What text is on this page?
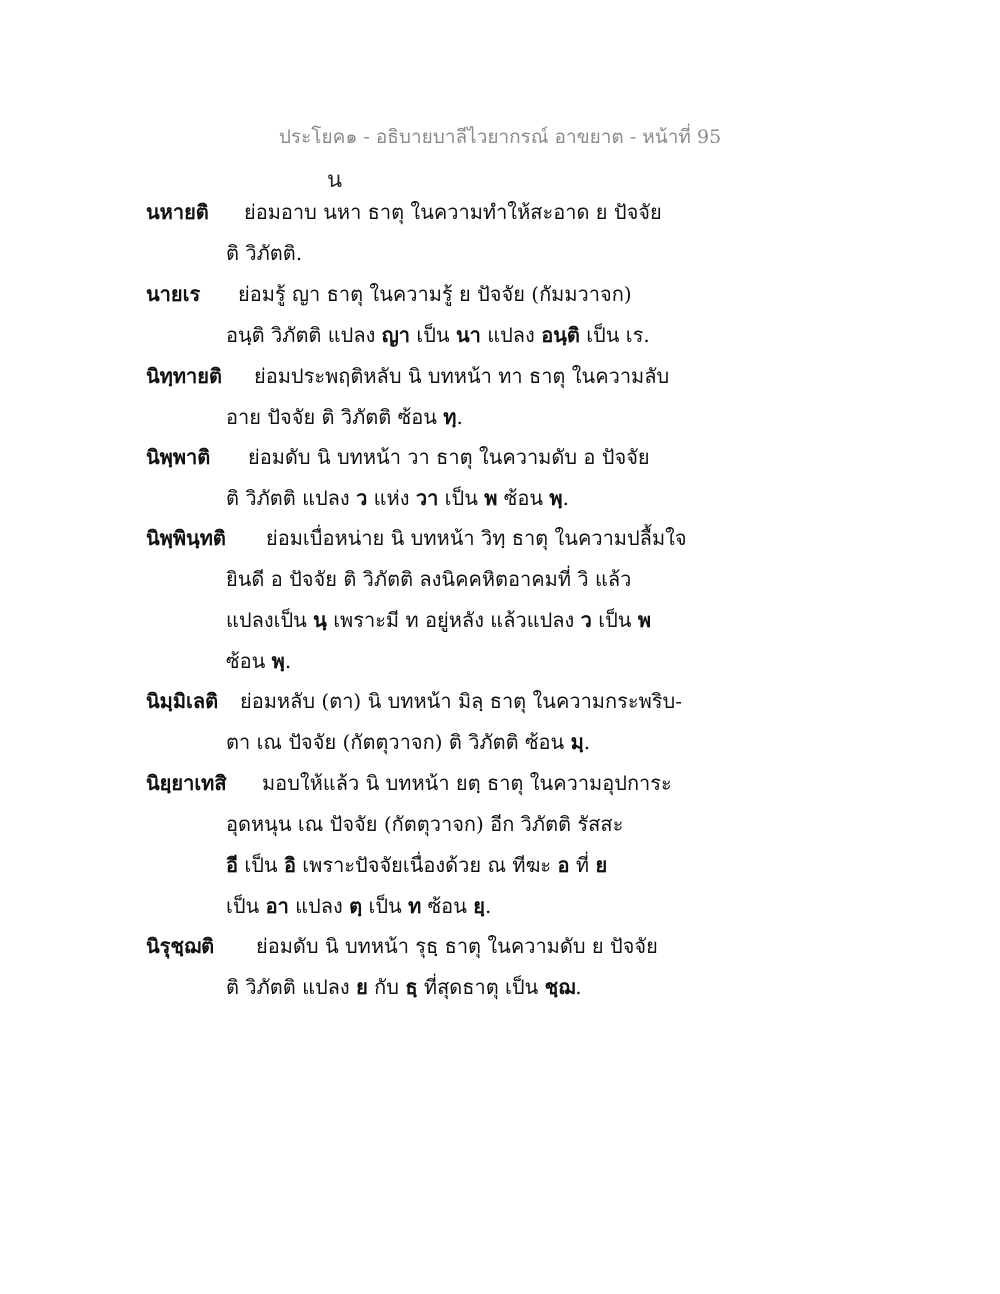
ประโยค๑ - อธิบายบาลีไวยากรณ์ อาขยาต - หน้าที่ 95
น
นหายติ ย่อมอาบ นหา ธาตุ ในความทำให้สะอาด ย ปัจจัย
ติ วิภัตติ.
นายเร ย่อมรู้ ญา ธาตุ ในความรู้ ย ปัจจัย (กัมมวาจก)
อนฺติ วิภัตติ แปลง ญา เป็น นา แปลง อนฺติ เป็น เร.
นิทฺทายติ ย่อมประพฤติหลับ นิ บทหน้า ทา ธาตุ ในความลับ
อาย ปัจจัย ติ วิภัตติ ซ้อน ทฺ.
นิพฺพาติ ย่อมดับ นิ บทหน้า วา ธาตุ ในความดับ อ ปัจจัย
ติ วิภัตติ แปลง ว แห่ง วา เป็น พ ซ้อน พฺ.
นิพฺพินฺทติ ย่อมเบื่อหน่าย นิ บทหน้า วิทฺ ธาตุ ในความปลื้มใจ
ยินดี อ ปัจจัย ติ วิภัตติ ลงนิคคหิตอาคมที่ วิ แล้ว
แปลงเป็น นฺ เพราะมี ท อยู่หลัง แล้วแปลง ว เป็น พ
ซ้อน พฺ.
นิมฺมิเลติ ย่อมหลับ (ตา) นิ บทหน้า มิลฺ ธาตุ ในความกระพริบ-
ตา เณ ปัจจัย (กัตตุวาจก) ติ วิภัตติ ซ้อน มฺ.
นิยฺยาเทสิ มอบให้แล้ว นิ บทหน้า ยตฺ ธาตุ ในความอุปการะ
อุดหนุน เณ ปัจจัย (กัตตุวาจก) อีก วิภัตติ รัสสะ
อี เป็น อิ เพราะปัจจัยเนื่องด้วย ณ ทีฆะ อ ที่ ย
เป็น อา แปลง ตฺ เป็น ท ซ้อน ยฺ.
นิรุชฺฌติ ย่อมดับ นิ บทหน้า รุธฺ ธาตุ ในความดับ ย ปัจจัย
ติ วิภัตติ แปลง ย กับ ธฺ ที่สุดธาตุ เป็น ชฺฌ.
